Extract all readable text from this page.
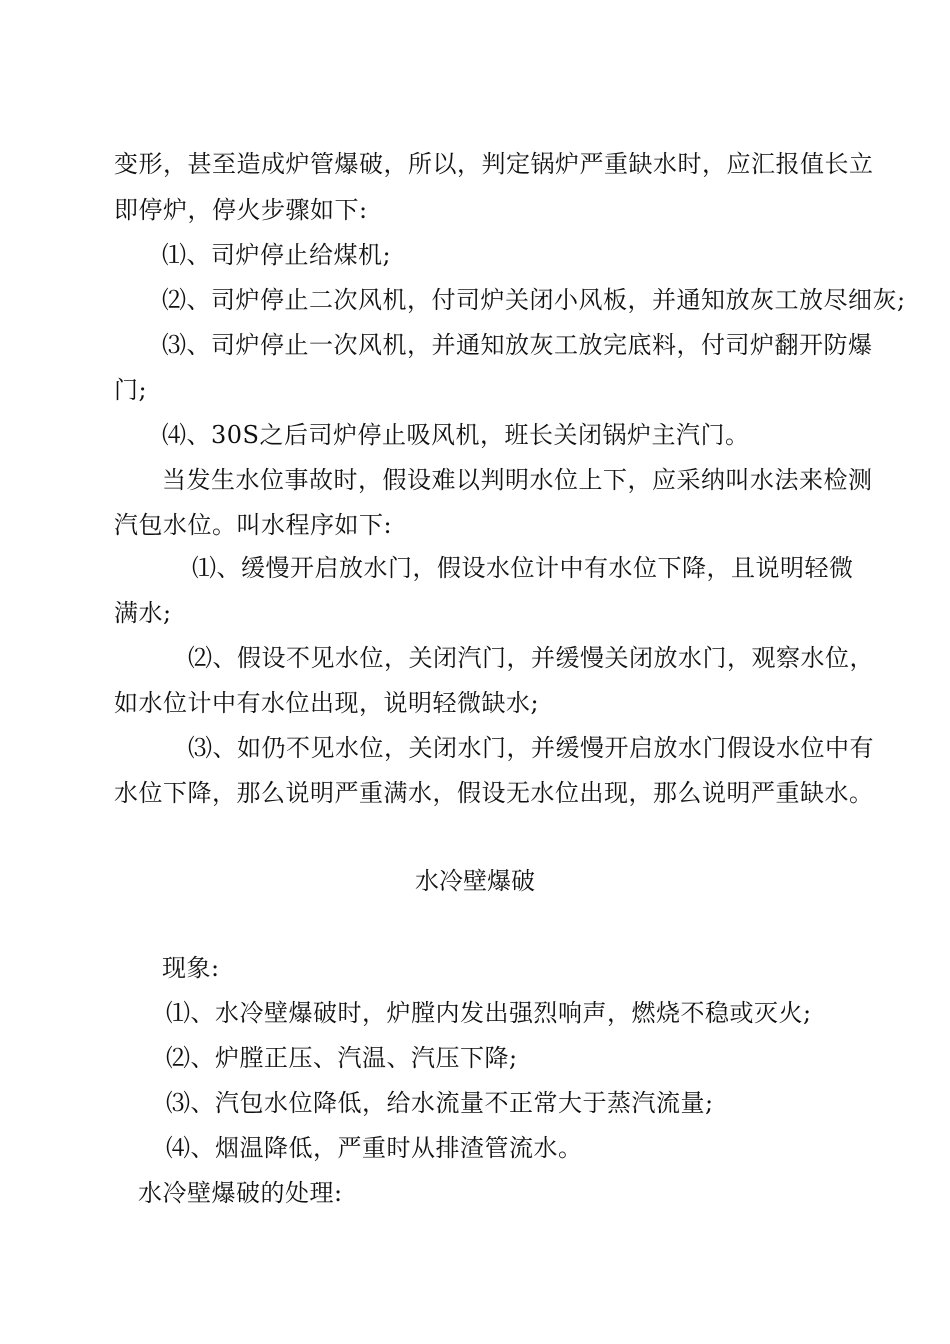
变形，甚至造成炉管爆破，所以，判定锅炉严重缺水时，应汇报值长立
即停炉，停火步骤如下:
⑴、司炉停止给煤机;
⑵、司炉停止二次风机，付司炉关闭小风板，并通知放灰工放尽细灰;
⑶、司炉停止一次风机，并通知放灰工放完底料，付司炉翻开防爆
门;
⑷、30S之后司炉停止吸风机，班长关闭锅炉主汽门。
当发生水位事故时，假设难以判明水位上下，应采纳叫水法来检测
汽包水位。叫水程序如下:
⑴、缓慢开启放水门，假设水位计中有水位下降，且说明轻微
满水;
⑵、假设不见水位，关闭汽门，并缓慢关闭放水门，观察水位，
如水位计中有水位出现，说明轻微缺水;
⑶、如仍不见水位，关闭水门，并缓慢开启放水门假设水位中有
水位下降，那么说明严重满水，假设无水位出现，那么说明严重缺水。
水冷壁爆破
现象:
⑴、水冷壁爆破时，炉膛内发出强烈响声，燃烧不稳或灭火;
⑵、炉膛正压、汽温、汽压下降;
⑶、汽包水位降低，给水流量不正常大于蒸汽流量;
⑷、烟温降低，严重时从排渣管流水。
水冷壁爆破的处理:
